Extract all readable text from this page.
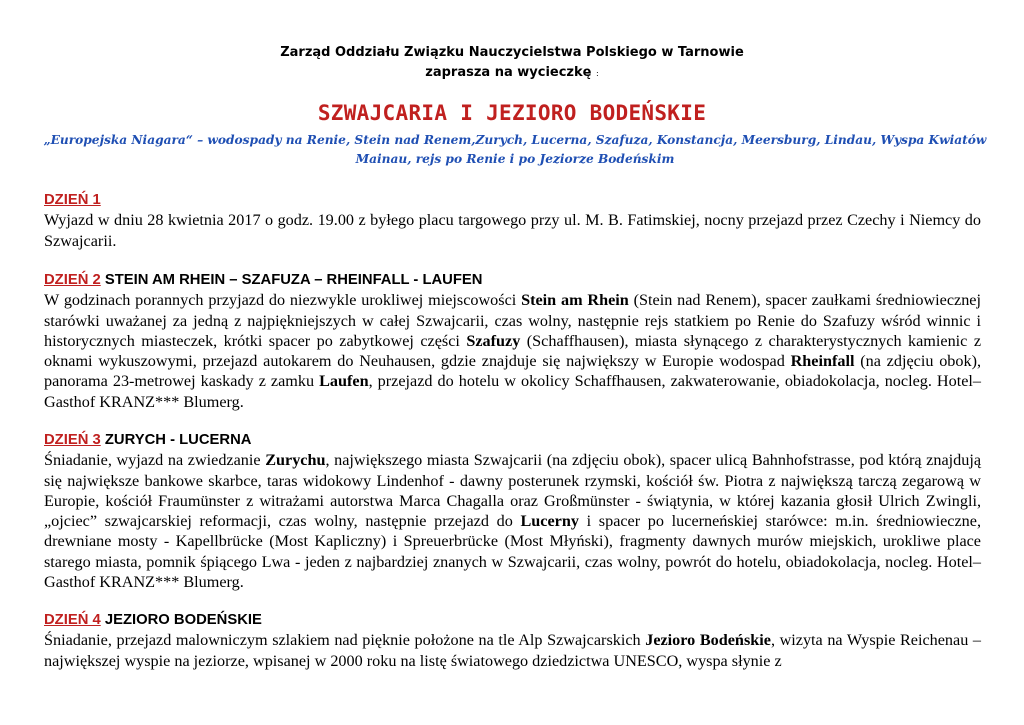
Zarząd Oddziału Związku Nauczycielstwa Polskiego w Tarnowie
zaprasza na wycieczkę :
SZWAJCARIA I JEZIORO BODEŃSKIE
„Europejska Niagara“ – wodospady na Renie, Stein nad Renem,Zurych, Lucerna, Szafuza, Konstancja, Meersburg, Lindau, Wyspa Kwiatów Mainau, rejs po Renie i po Jeziorze Bodeńskim
DZIEŃ 1
Wyjazd w dniu 28 kwietnia 2017 o godz. 19.00 z byłego placu targowego przy ul. M. B. Fatimskiej, nocny przejazd przez Czechy i Niemcy do Szwajcarii.
DZIEŃ 2 STEIN AM RHEIN – SZAFUZA – RHEINFALL - LAUFEN
W godzinach porannych przyjazd do niezwykle urokliwej miejscowości Stein am Rhein (Stein nad Renem), spacer zaułkami średniowiecznej starówki uważanej za jedną z najpiękniejszych w całej Szwajcarii, czas wolny, następnie rejs statkiem po Renie do Szafuzy wśród winnic i historycznych miasteczek, krótki spacer po zabytkowej części Szafuzy (Schaffhausen), miasta słynącego z charakterystycznych kamienic z oknami wykuszowymi, przejazd autokarem do Neuhausen, gdzie znajduje się największy w Europie wodospad Rheinfall (na zdjęciu obok), panorama 23-metrowej kaskady z zamku Laufen, przejazd do hotelu w okolicy Schaffhausen, zakwaterowanie, obiadokolacja, nocleg. Hotel–Gasthof KRANZ*** Blumerg.
DZIEŃ 3 ZURYCH - LUCERNA
Śniadanie, wyjazd na zwiedzanie Zurychu, największego miasta Szwajcarii (na zdjęciu obok), spacer ulicą Bahnhofstrasse, pod którą znajdują się największe bankowe skarbce, taras widokowy Lindenhof - dawny posterunek rzymski, kościół św. Piotra z największą tarczą zegarową w Europie, kościół Fraumünster z witrażami autorstwa Marca Chagalla oraz Großmünster - świątynia, w której kazania głosił Ulrich Zwingli, „ojciec” szwajcarskiej reformacji, czas wolny, następnie przejazd do Lucerny i spacer po lucerneńskiej starówce: m.in. średniowieczne, drewniane mosty - Kapellbrücke (Most Kapliczny) i Spreuerbrücke (Most Młyński), fragmenty dawnych murów miejskich, urokliwe place starego miasta, pomnik śpiącego Lwa - jeden z najbardziej znanych w Szwajcarii, czas wolny, powrót do hotelu, obiadokolacja, nocleg. Hotel–Gasthof KRANZ*** Blumerg.
DZIEŃ 4 JEZIORO BODEŃSKIE
Śniadanie, przejazd malowniczym szlakiem nad pięknie położone na tle Alp Szwajcarskich Jezioro Bodeńskie, wizyta na Wyspie Reichenau – największej wyspie na jeziorze, wpisanej w 2000 roku na listę światowego dziedzictwa UNESCO, wyspa słynie z
